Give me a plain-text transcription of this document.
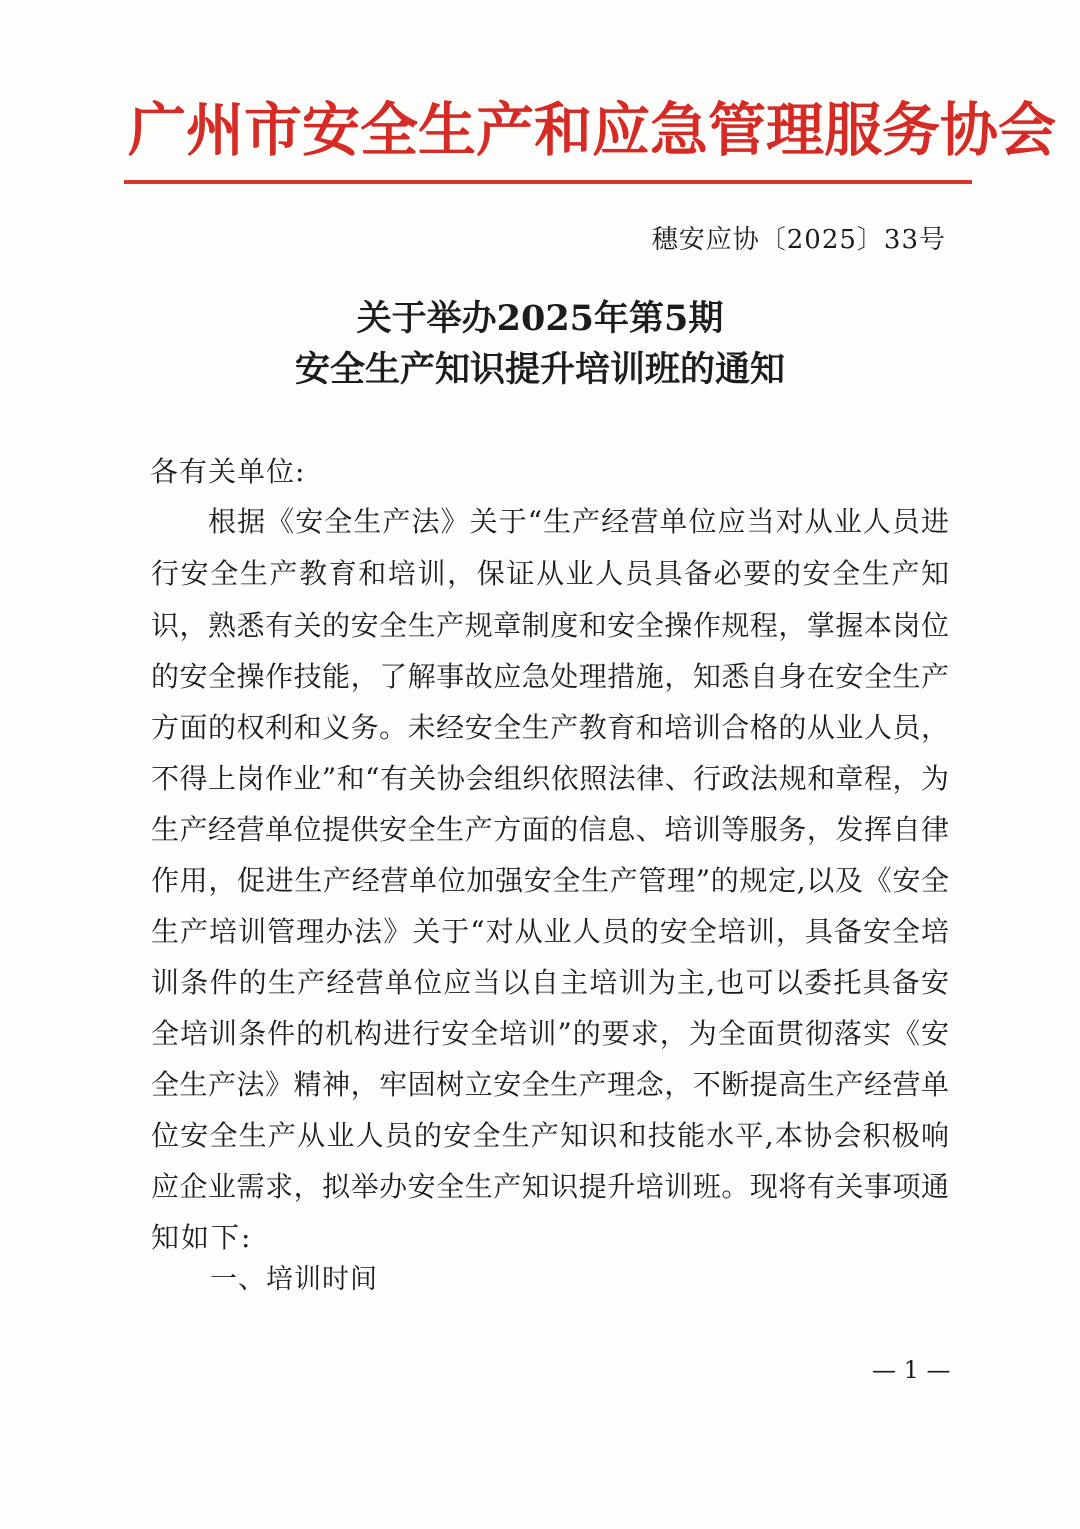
广州市安全生产和应急管理服务协会
穗安应协〔2025〕33号
关于举办2025年第5期
安全生产知识提升培训班的通知
各有关单位:
根据《安全生产法》关于“生产经营单位应当对从业人员进
行安全生产教育和培训，保证从业人员具备必要的安全生产知
识，熟悉有关的安全生产规章制度和安全操作规程，掌握本岗位
的安全操作技能，了解事故应急处理措施，知悉自身在安全生产
方面的权利和义务。未经安全生产教育和培训合格的从业人员，
不得上岗作业”和“有关协会组织依照法律、行政法规和章程，为
生产经营单位提供安全生产方面的信息、培训等服务，发挥自律
作用，促进生产经营单位加强安全生产管理”的规定,以及《安全
生产培训管理办法》关于“对从业人员的安全培训，具备安全培
训条件的生产经营单位应当以自主培训为主,也可以委托具备安
全培训条件的机构进行安全培训”的要求，为全面贯彻落实《安
全生产法》精神，牢固树立安全生产理念，不断提高生产经营单
位安全生产从业人员的安全生产知识和技能水平,本协会积极响
应企业需求，拟举办安全生产知识提升培训班。现将有关事项通
知如下:
一、培训时间
— 1 —
